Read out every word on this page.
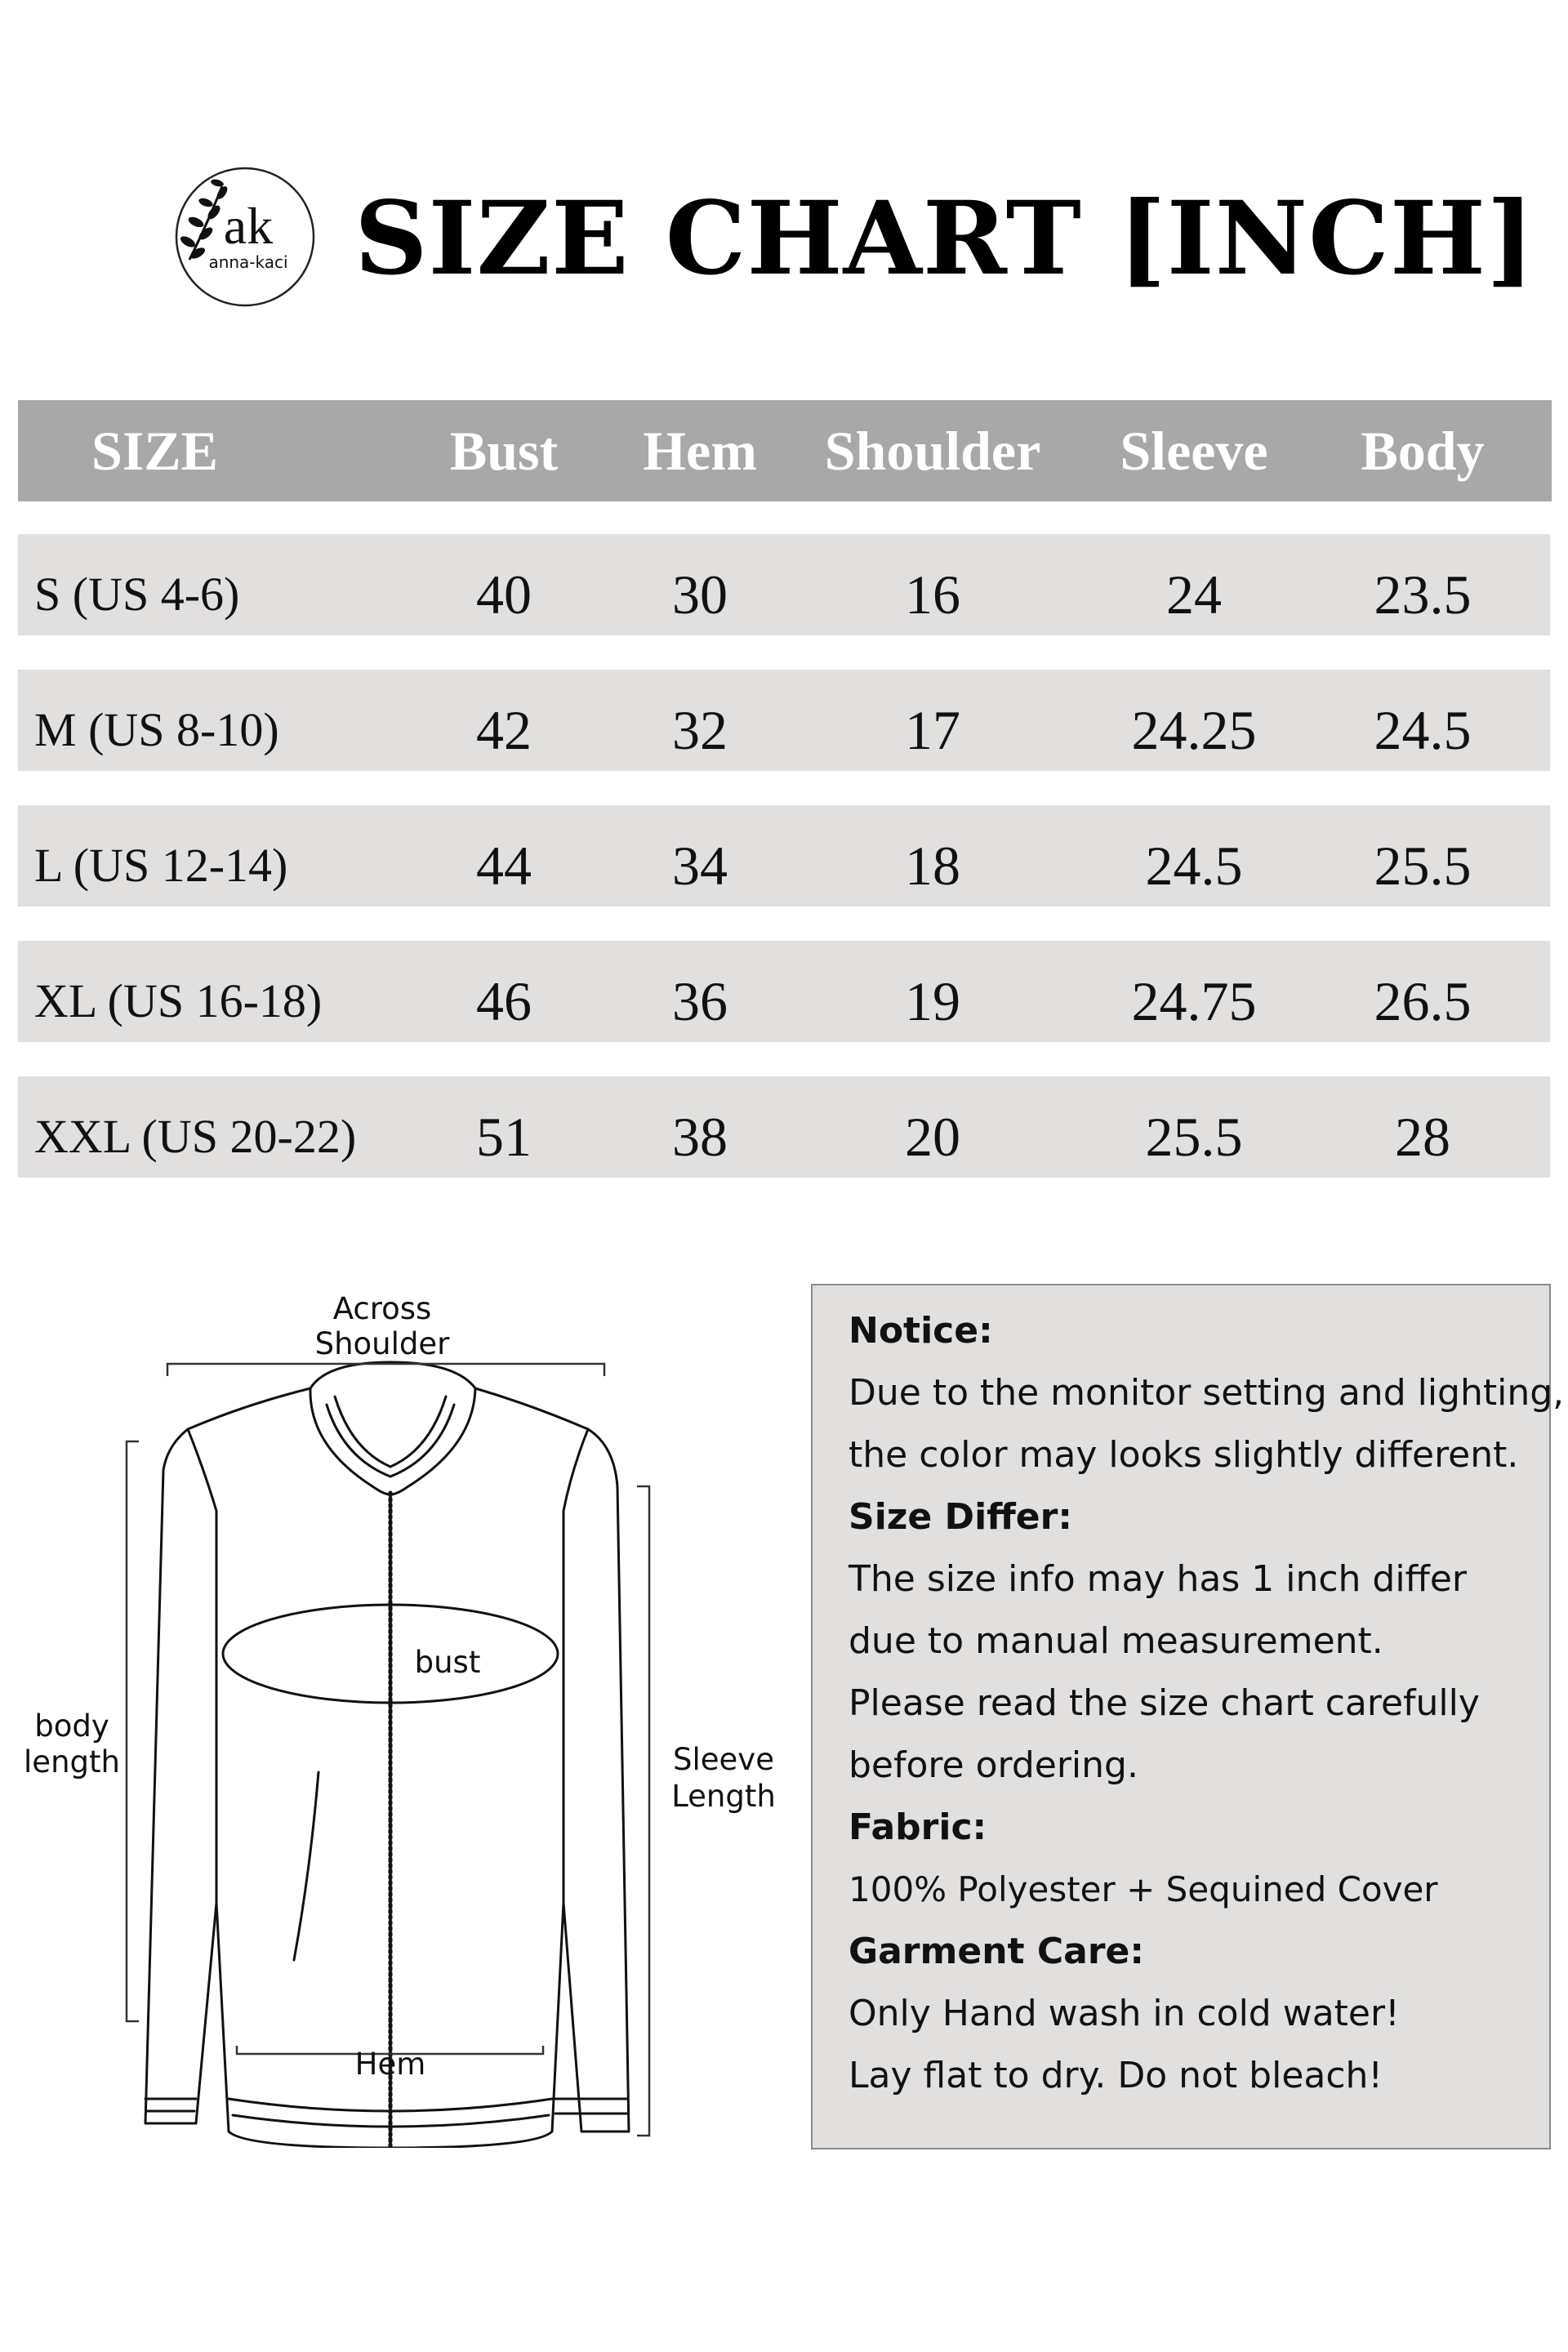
ak
anna-kaci SIZE CHART [INCH]
SIZE	Bust	Hem	Shoulder	Sleeve	Body
S (US 4-6)	40	30	16	24	23.5
M (US 8-10)	42	32	17	24.25	24.5
L (US 12-14)	44	34	18	24.5	25.5
XL (US 16-18)	46	36	19	24.75	26.5
XXL (US 20-22)	51	38	20	25.5	28
Across
Shoulder
bust
body
length	Sleeve
Length
Hem
Notice:
Due to the monitor setting and lighting,
the color may looks slightly different.
Size Differ:
The size info may has 1 inch differ
due to manual measurement.
Please read the size chart carefully
before ordering.
Fabric:
100% Polyester + Sequined Cover
Garment Care:
Only Hand wash in cold water!
Lay flat to dry. Do not bleach!
